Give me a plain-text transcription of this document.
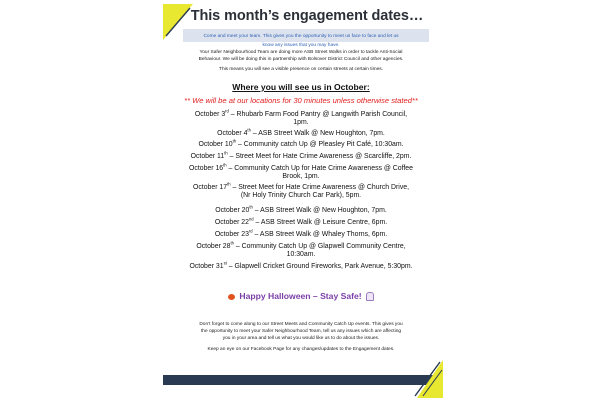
This month’s engagement dates…
Come and meet your team. This gives you the opportunity to meet us face to face and let us
know any issues that you may have.
Your Safer Neighbourhood Team are doing more ASB Street Walks in order to tackle Anti-Social
Behaviour. We will be doing this in partnership with Bolsover District Council and other agencies.
This means you will see a visible presence on certain streets at certain times.
Where you will see us in October:
** We will be at our locations for 30 minutes unless otherwise stated**
October 3rd – Rhubarb Farm Food Pantry @ Langwith Parish Council,
1pm.
October 4th – ASB Street Walk @ New Houghton, 7pm.
October 10th – Community catch Up @ Pleasley Pit Café, 10:30am.
October 11th – Street Meet for Hate Crime Awareness @ Scarcliffe, 2pm.
October 16th – Community Catch Up for Hate Crime Awareness @ Coffee
Brook, 1pm.
October 17th – Street Meet for Hate Crime Awareness @ Church Drive,
(Nr Holy Trinity Church Car Park), 5pm.
October 20th – ASB Street Walk @ New Houghton, 7pm.
October 22nd – ASB Street Walk @ Leisure Centre, 6pm.
October 23rd – ASB Street Walk @ Whaley Thorns, 6pm.
October 28th – Community Catch Up @ Glapwell Community Centre,
10:30am.
October 31st – Glapwell Cricket Ground Fireworks, Park Avenue, 5:30pm.
Happy Halloween – Stay Safe!
Don’t forget to come along to our Street Meets and Community Catch Up events. This gives you
the opportunity to meet your Safer Neighbourhood Team, tell us any issues which are affecting
you in your area and tell us what you would like us to do about the issues.
Keep an eye on our Facebook Page for any changes/updates to the Engagement dates.
